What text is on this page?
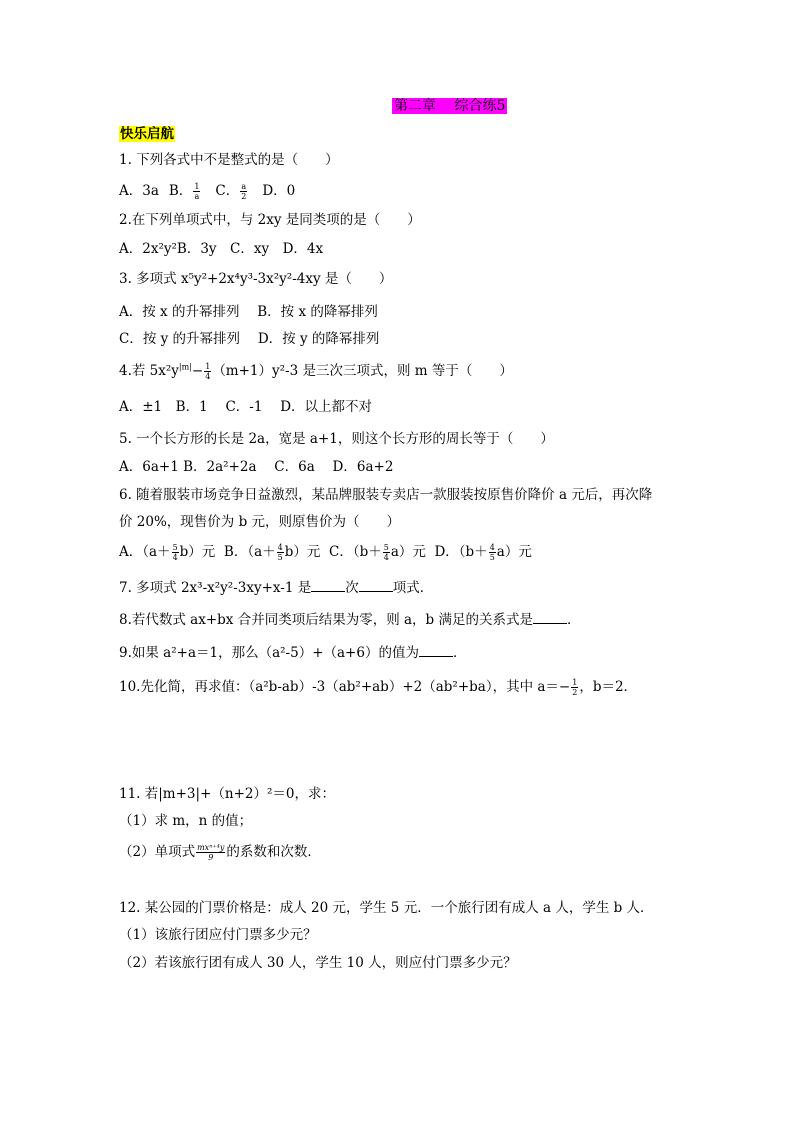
第二章　 综合练5
快乐启航
1. 下列各式中不是整式的是（　　）
A．3a B． $\frac{1}{a}$ C． $\frac{a}{2}$ D．0
2.在下列单项式中，与 2xy 是同类项的是（　　）
A．2x²y²B．3y　C．xy　D．4x
3. 多项式 x⁵y²+2x⁴y³-3x²y²-4xy 是（　　）
A．按 x 的升幂排列　 B．按 x 的降幂排列
C．按 y 的升幂排列　 D．按 y 的降幂排列
4.若 $5x^2y^{|m|}- \frac{1}{4} (m+1)y^2-3$ 是三次三项式，则 m 等于（　　）
A．±1　B．1　 C．-1　 D．以上都不对
5. 一个长方形的长是 2a，宽是 a+1，则这个长方形的周长等于（　　）
A．6a+1 B．2a²+2a　 C．6a　 D．6a+2
6. 随着服装市场竞争日益激烈，某品牌服装专卖店一款服装按原售价降价 a 元后，再次降
价 20%，现售价为 b 元，则原售价为（　　）
A．$(a+ \frac{5}{4} b)$元 B．$(a+ \frac{4}{5} b)$元 C．$(b+ \frac{5}{4} a)$元 D．$(b+ \frac{4}{5} a)$元
7. 多项式 2x³-x²y²-3xy+x-1 是	次	项式．
8.若代数式 ax+bx 合并同类项后结果为零，则 a，b 满足的关系式是	．
9.如果 a²+a＝1，那么（a²-5）+（a+6）的值为	．
10.先化简，再求值：（a²b-ab）-3（ab²+ab）+2（ab²+ba），其中 $a=- \frac{1}{2}$ ，b＝2．
11. 若|m+3|+（n+2）²＝0，求：
（1）求 m，n 的值；
（2）单项式 $\frac{\text{mxⁿ⁺⁴y}}{9}$ 的系数和次数．
12. 某公园的门票价格是：成人 20 元，学生 5 元．一个旅行团有成人 a 人，学生 b 人．
（1）该旅行团应付门票多少元？
（2）若该旅行团有成人 30 人，学生 10 人，则应付门票多少元？
